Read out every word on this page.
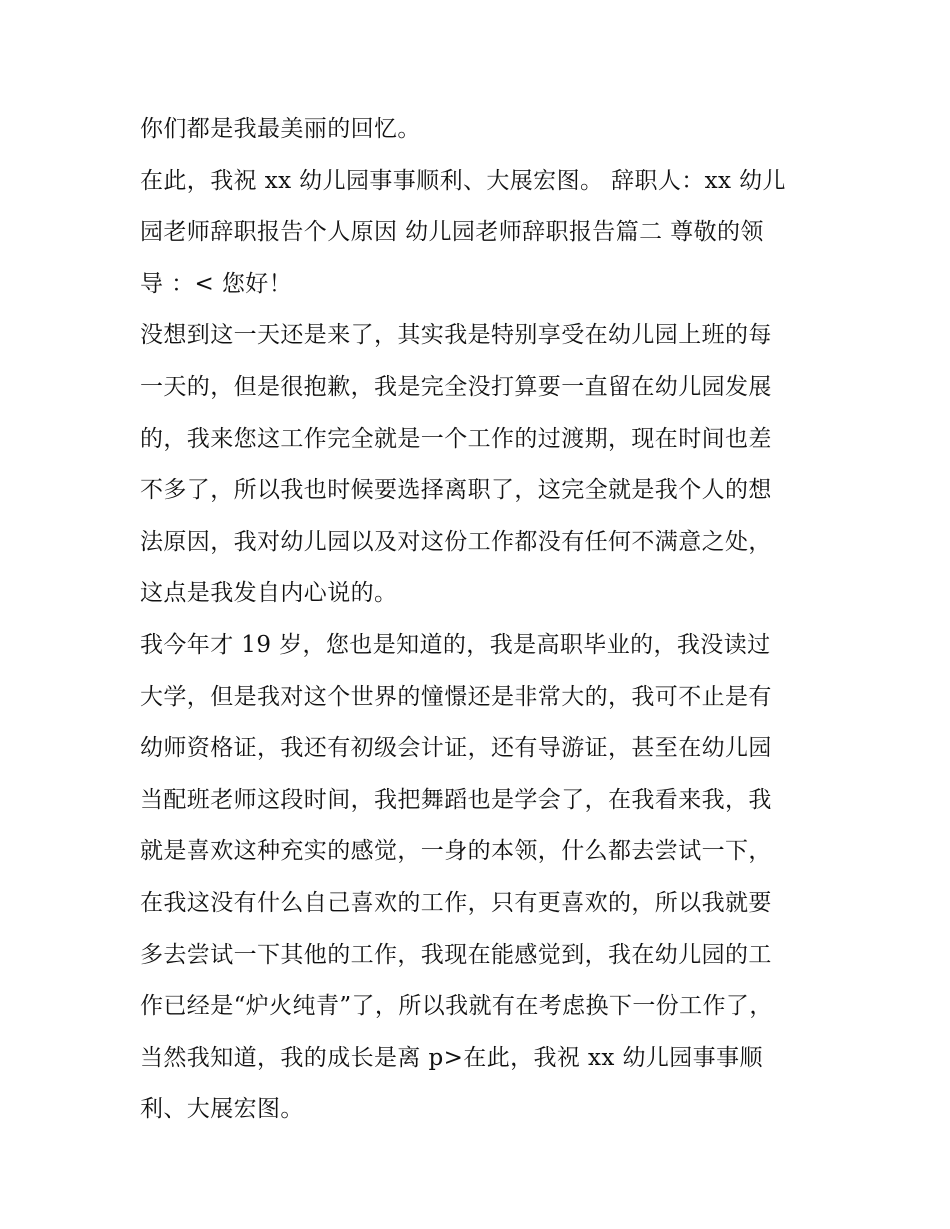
你们都是我最美丽的回忆。
在此，我祝 xx 幼儿园事事顺利、大展宏图。 辞职人：xx 幼儿
园老师辞职报告个人原因 幼儿园老师辞职报告篇二 尊敬的领
导 ：< 您好！
没想到这一天还是来了，其实我是特别享受在幼儿园上班的每
一天的，但是很抱歉，我是完全没打算要一直留在幼儿园发展
的，我来您这工作完全就是一个工作的过渡期，现在时间也差
不多了，所以我也时候要选择离职了，这完全就是我个人的想
法原因，我对幼儿园以及对这份工作都没有任何不满意之处，
这点是我发自内心说的。
我今年才 19 岁，您也是知道的，我是高职毕业的，我没读过
大学，但是我对这个世界的憧憬还是非常大的，我可不止是有
幼师资格证，我还有初级会计证，还有导游证，甚至在幼儿园
当配班老师这段时间，我把舞蹈也是学会了，在我看来我，我
就是喜欢这种充实的感觉，一身的本领，什么都去尝试一下，
在我这没有什么自己喜欢的工作，只有更喜欢的，所以我就要
多去尝试一下其他的工作，我现在能感觉到，我在幼儿园的工
作已经是“炉火纯青”了，所以我就有在考虑换下一份工作了，
当然我知道，我的成长是离 p>在此，我祝 xx 幼儿园事事顺
利、大展宏图。
